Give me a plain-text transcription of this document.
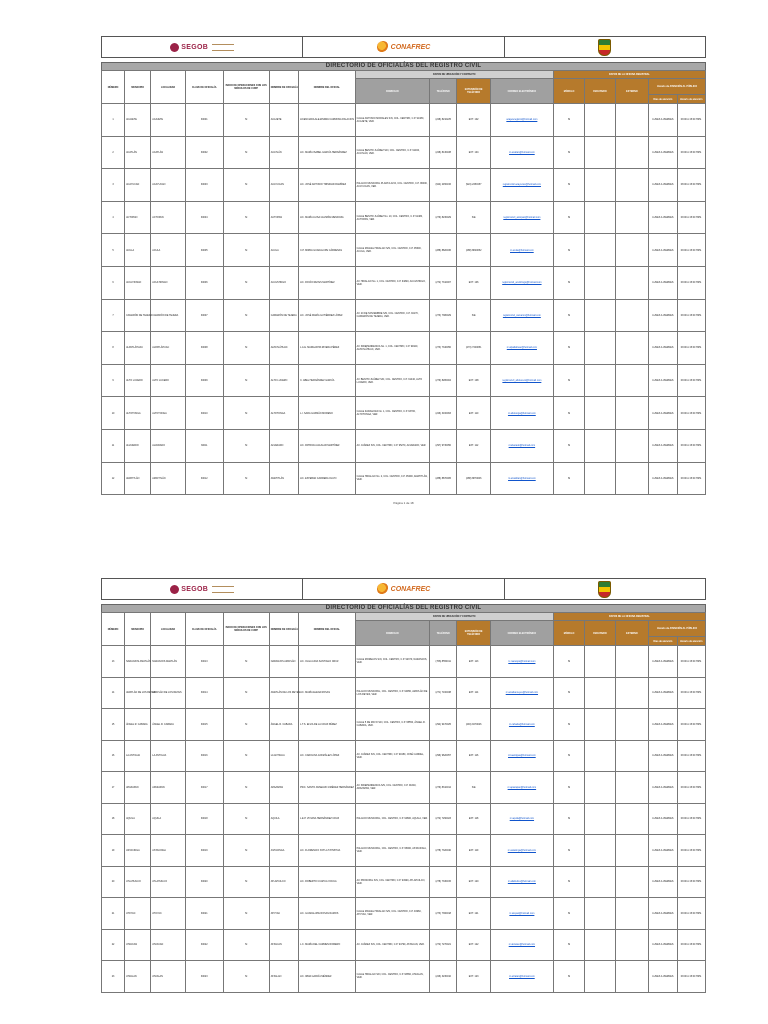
SEGOB	CONAFREC
DIRECTORIO DE OFICIALÍAS DEL REGISTRO CIVIL
NÚMERO	MUNICIPIO	LOCALIDAD	CLAVE DE OFICIALÍA	INICIO DE OPERACIONES CON LOS MÓDULOS DE CURP	NOMBRE DE OFICIALÍA	NOMBRE DEL OFICIAL	DATOS DE UBICACIÓN Y CONTACTO				DATOS DE LA OFICINA REGISTRAL				
							DOMICILIO	TELÉFONO	EXTENSIÓN DE TELÉFONO	CORREO ELECTRÓNICO	MÓDULO	FEDATARIO	EXTERNO	Horario de ATENCIÓN AL PÚBLICO	
														Días de atención	Horario de atención
1	ACAJETE	ACAJETE	30001	SI	ACAJETE	LICENCIADA ALEJANDRA CARMONA PALACIOS	CALLE ANTONIO MORALES S/N, COL. CENTRO, C.P. 91380, ACAJETE, VER.	(228) 8210225	EXT. 102	acajeteregistro@hotmail.com	SI			LUNES A VIERNES	09:00 A 15:00 HRS.
2	ACATLÁN	ACATLÁN	30002	SI	ACATLÁN	LIC. MARÍA ISABEL GARCÍA HERNÁNDEZ	CALLE BENITO JUÁREZ S/N, COL. CENTRO, C.P. 91460, ACATLÁN, VER.	(228) 8130188	EXT. 104	rc.acatlan@hotmail.com	SI			LUNES A VIERNES	09:00 A 15:00 HRS.
3	ACAYUCAN	ACAYUCAN	30003	SI	ACAYUCAN	LIC. JOSÉ ANTONIO TRINIDAD RAMÍREZ	PALACIO MUNICIPAL PLANTA ALTA, COL. CENTRO, C.P. 96000, ACAYUCAN, VER.	(924) 2450166	(924) 2450157	registrocivil.acayucan@hotmail.com	SI			LUNES A VIERNES	08:00 A 15:00 HRS.
4	ACTOPAN	ACTOPAN	30004	SI	ACTOPAN	LIC. MARÍA LUISA GUZMÁN MENDOZA	CALLE BENITO JUÁREZ No. 10, COL. CENTRO, C.P. 91480, ACTOPAN, VER.	(279) 8230029	S/E	registrocivil_actopan@hotmail.com	SI			LUNES A VIERNES	09:00 A 15:00 HRS.
5	ACULA	ACULA	30005	SI	ACULA	C.P. MIRNA GUADALUPE CÁRDENAS	CALLE MIGUEL HIDALGO S/N, COL. CENTRO, C.P. 95600, ACULA, VER.	(288) 8820036	(288) 8820052	rc.acula@hotmail.com	SI			LUNES A VIERNES	09:00 A 15:00 HRS.
6	ACULTZINGO	ACULTZINGO	30006	SI	ACULTZINGO	LIC. ROCÍO REYES MARTÍNEZ	AV. HIDALGO No. 1, COL. CENTRO, C.P. 94820, ACULTZINGO, VER.	(272) 7310007	EXT. 106	registrocivil_acultzingo@hotmail.com	SI			LUNES A VIERNES	09:00 A 15:00 HRS.
7	CAMARÓN DE TEJEDA	CAMARÓN DE TEJEDA	30007	SI	CAMARÓN DE TEJEDA	LIC. JOSÉ MARÍA GUTIÉRREZ LÓPEZ	AV. 20 DE NOVIEMBRE S/N, COL. CENTRO, C.P. 94170, CAMARÓN DE TEJEDA, VER.	(273) 7380029	S/E	registrocivil_camaron@hotmail.com	SI			LUNES A VIERNES	09:00 A 15:00 HRS.
8	ALPATLÁHUAC	ALPATLÁHUAC	30008	SI	ALPATLÁHUAC	L.A.E. MARGARITA RIVERA PÉREZ	AV. INDEPENDENCIA No. 1, COL. CENTRO, C.P. 94920, ALPATLÁHUAC, VER.	(273) 7340050	(273) 7340051	rc.alpatlahuac@hotmail.com	SI			LUNES A VIERNES	09:00 A 15:00 HRS.
9	ALTO LUCERO	ALTO LUCERO	30009	SI	ALTO LUCERO	C. ABEL HERNÁNDEZ GARCÍA	AV. BENITO JUÁREZ S/N, COL. CENTRO, C.P. 91440, ALTO LUCERO, VER.	(279) 8280004	EXT. 108	registrocivil_altolucero@hotmail.com	SI			LUNES A VIERNES	09:00 A 15:00 HRS.
10	ALTOTONGA	ALTOTONGA	30010	SI	ALTOTONGA	L.I. SARA GUZMÁN MORENO	CALLE ZARAGOZA No. 1, COL. CENTRO, C.P. 93700, ALTOTONGA, VER.	(226) 3160063	EXT. 110	rc.altotonga@hotmail.com	SI			LUNES A VIERNES	09:00 A 15:00 HRS.
11	ALVARADO	ALVARADO	30011	SI	ALVARADO	LIC. PATRICIA AGUILAR MARTÍNEZ	AV. JUÁREZ S/N, COL. CENTRO, C.P. 95270, ALVARADO, VER.	(297) 9730050	EXT. 112	rcalvarado@hotmail.com	SI			LUNES A VIERNES	09:00 A 15:00 HRS.
12	AMATITLÁN	AMATITLÁN	30012	SI	AMATITLÁN	LIC. ESTEBAN CARRERA OLIVO	CALLE HIDALGO No. 2, COL. CENTRO, C.P. 95490, AMATITLÁN, VER.	(288) 8870005	(288) 8870006	rc.amatitlan@hotmail.com	SI			LUNES A VIERNES	09:00 A 15:00 HRS.
Página 1 de 18
SEGOB	CONAFREC
DIRECTORIO DE OFICIALÍAS DEL REGISTRO CIVIL
NÚMERO	MUNICIPIO	LOCALIDAD	CLAVE DE OFICIALÍA	INICIO DE OPERACIONES CON LOS MÓDULOS DE CURP	NOMBRE DE OFICIALÍA	NOMBRE DEL OFICIAL	DATOS DE UBICACIÓN Y CONTACTO				DATOS DE LA OFICINA REGISTRAL				
							DOMICILIO	TELÉFONO	EXTENSIÓN DE TELÉFONO	CORREO ELECTRÓNICO	MÓDULO	FEDATARIO	EXTERNO	Horario de ATENCIÓN AL PÚBLICO	
														Días de atención	Horario de atención
13	NARANJOS AMATLÁN	NARANJOS AMATLÁN	30013	SI	NARANJOS AMATLÁN	LIC. OLGA LIDIA SANTIAGO CRUZ	CALLE MORELOS S/N, COL. CENTRO, C.P. 92370, NARANJOS, VER.	(768) 8550011	EXT. 113	rc.naranjos@hotmail.com	SI			LUNES A VIERNES	09:00 A 15:00 HRS.
14	AMATLÁN DE LOS REYES	AMATLÁN DE LOS REYES	30014	SI	AMATLÁN DE LOS REYES	LIC. MARÍA ELENA ROSAS	PALACIO MUNICIPAL, COL. CENTRO, C.P. 94950, AMATLÁN DE LOS REYES, VER.	(271) 7160038	EXT. 114	rc.amatlanreyes@hotmail.com	SI			LUNES A VIERNES	09:00 A 15:00 HRS.
15	ÁNGEL R. CABADA	ÁNGEL R. CABADA	30015	SI	ÁNGEL R. CABADA	L.T.S. ELVIA DE LA CRUZ PÉREZ	CALLE 5 DE MAYO S/N, COL. CENTRO, C.P. 95550, ÁNGEL R. CABADA, VER.	(294) 9470025	(294) 9470026	rc.cabada@hotmail.com	SI			LUNES A VIERNES	09:00 A 15:00 HRS.
16	LA ANTIGUA	LA ANTIGUA	30016	SI	LA ANTIGUA	LIC. CAROLINA GONZÁLEZ LÓPEZ	AV. JUÁREZ S/N, COL. CENTRO, C.P. 91680, JOSÉ CARDEL, VER.	(296) 9620057	EXT. 116	rc.laantigua@hotmail.com	SI			LUNES A VIERNES	09:00 A 15:00 HRS.
17	APAZAPAN	APAZAPAN	30017	SI	APAZAPAN	PSIC. SANTO ANSELMO JIMÉNEZ HERNÁNDEZ	AV. INDEPENDENCIA S/N, COL. CENTRO, C.P. 91640, APAZAPAN, VER.	(279) 8310012	S/E	rc.apazapan@hotmail.com	SI			LUNES A VIERNES	09:00 A 15:00 HRS.
18	AQUILA	AQUILA	30018	SI	AQUILA	L.E.P. VIVIANA HERNÁNDEZ CRUZ	PALACIO MUNICIPAL, COL. CENTRO, C.P. 94800, AQUILA, VER.	(272) 7290023	EXT. 118	rc.aquila@hotmail.com	SI			LUNES A VIERNES	09:00 A 15:00 HRS.
19	ASTACINGA	ASTACINGA	30019	SI	ASTACINGA	LIC. FLORENCIO XOTLA TZITZIHUA	PALACIO MUNICIPAL, COL. CENTRO, C.P. 95000, ASTACINGA, VER.	(278) 7320040	EXT. 119	rc.astacinga@hotmail.com	SI			LUNES A VIERNES	09:00 A 15:00 HRS.
20	ATLAHUILCO	ATLAHUILCO	30020	SI	ATLAHUILCO	LIC. ROBERTO CUAHUA XOCUA	AV. PRINCIPAL S/N, COL. CENTRO, C.P. 94990, ATLAHUILCO, VER.	(278) 7330015	EXT. 120	rc.atlahuilco@hotmail.com	SI			LUNES A VIERNES	09:00 A 15:00 HRS.
21	ATOYAC	ATOYAC	30021	SI	ATOYAC	LIC. GUADALUPE ROSAS RAMOS	CALLE MIGUEL HIDALGO S/N, COL. CENTRO, C.P. 94960, ATOYAC, VER.	(273) 7360018	EXT. 121	rc.atoyac@hotmail.com	SI			LUNES A VIERNES	09:00 A 15:00 HRS.
22	ATZACAN	ATZACAN	30022	SI	ATZACAN	L.C. MARÍA DEL CARMEN ROMERO	AV. JUÁREZ S/N, COL. CENTRO, C.P. 94790, ATZACAN, VER.	(272) 7270021	EXT. 122	rc.atzacan@hotmail.com	SI			LUNES A VIERNES	09:00 A 15:00 HRS.
23	ATZALAN	ATZALAN	30023	SI	ATZALAN	LIC. IRMA GARCÍA MÉNDEZ	CALLE HIDALGO S/N, COL. CENTRO, C.P. 93650, ATZALAN, VER.	(226) 3230010	EXT. 123	rc.atzalan@hotmail.com	SI			LUNES A VIERNES	09:00 A 15:00 HRS.
